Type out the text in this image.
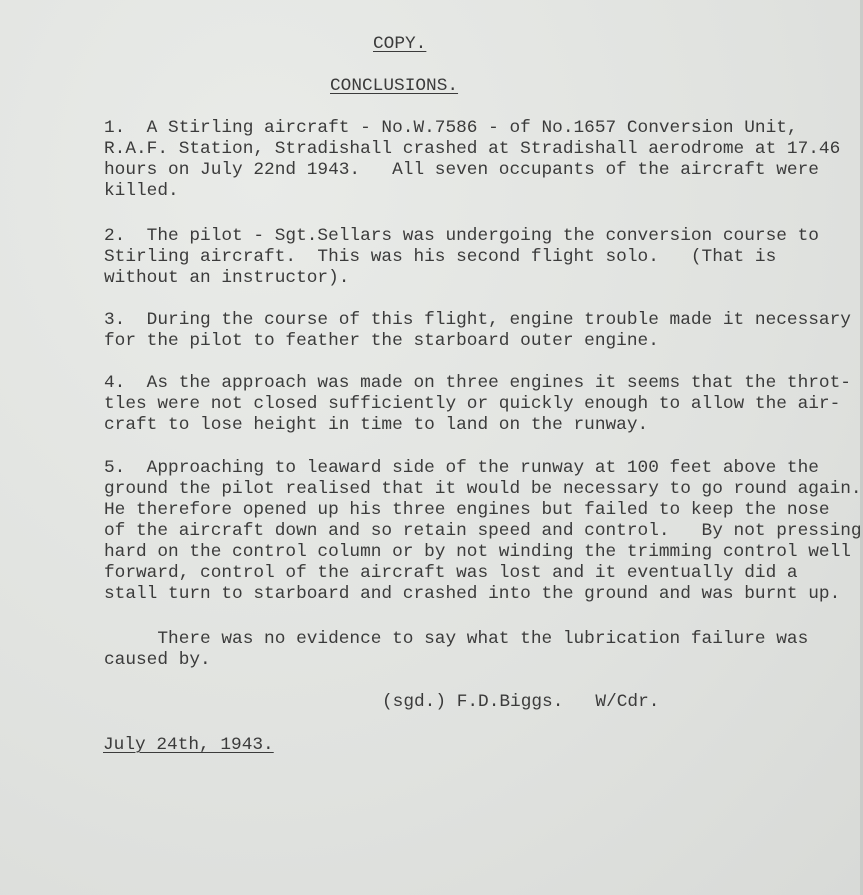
COPY.
CONCLUSIONS.
1.  A Stirling aircraft - No.W.7586 - of No.1657 Conversion Unit,
R.A.F. Station, Stradishall crashed at Stradishall aerodrome at 17.46
hours on July 22nd 1943.   All seven occupants of the aircraft were
killed.
2.  The pilot - Sgt.Sellars was undergoing the conversion course to
Stirling aircraft.  This was his second flight solo.   (That is
without an instructor).
3.  During the course of this flight, engine trouble made it necessary
for the pilot to feather the starboard outer engine.
4.  As the approach was made on three engines it seems that the throt-
tles were not closed sufficiently or quickly enough to allow the air-
craft to lose height in time to land on the runway.
5.  Approaching to leaward side of the runway at 100 feet above the
ground the pilot realised that it would be necessary to go round again.
He therefore opened up his three engines but failed to keep the nose
of the aircraft down and so retain speed and control.   By not pressing
hard on the control column or by not winding the trimming control well
forward, control of the aircraft was lost and it eventually did a
stall turn to starboard and crashed into the ground and was burnt up.
There was no evidence to say what the lubrication failure was
caused by.
(sgd.) F.D.Biggs.   W/Cdr.
July 24th, 1943.
